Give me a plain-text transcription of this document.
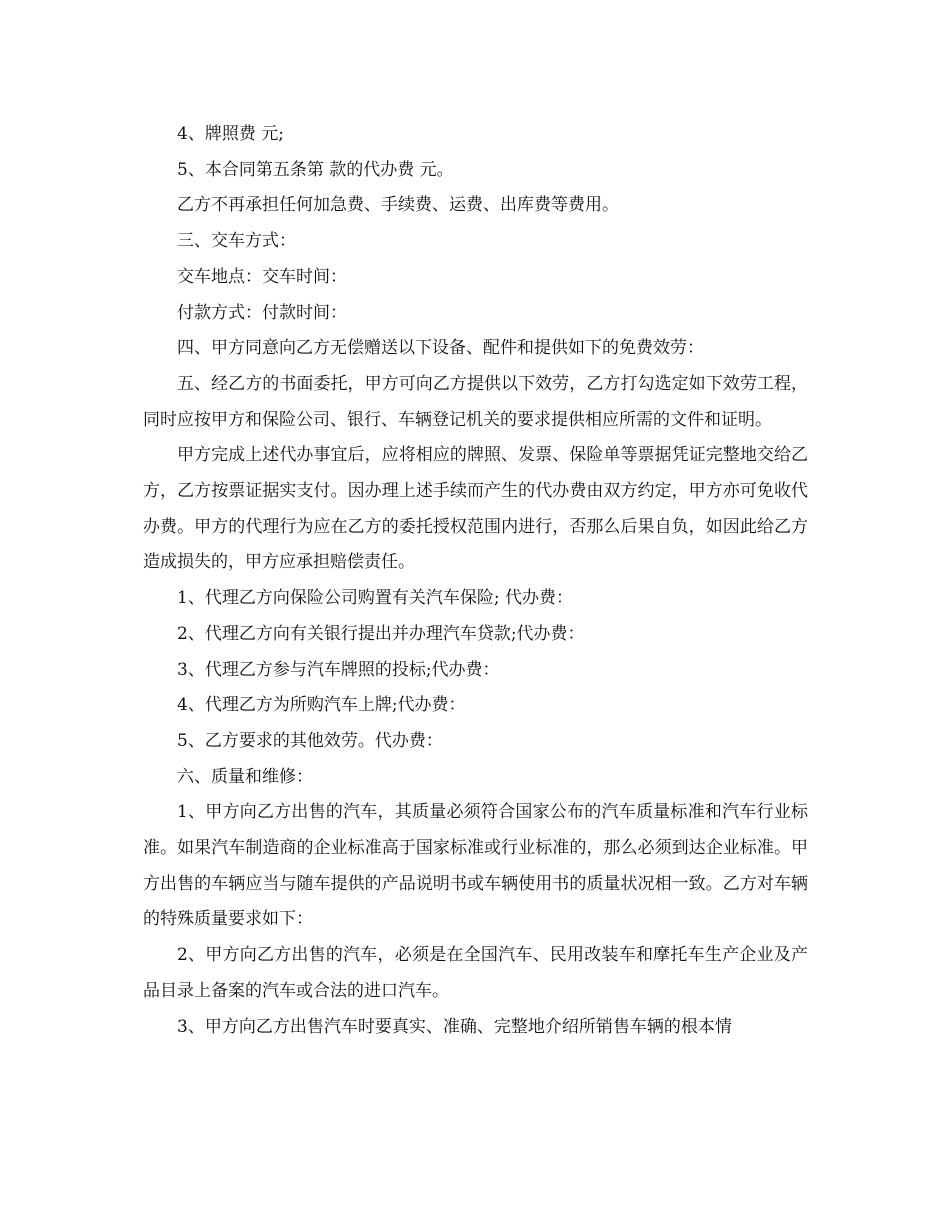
4、牌照费 元;

5、本合同第五条第 款的代办费 元。

乙方不再承担任何加急费、手续费、运费、出库费等费用。

三、交车方式：

交车地点：交车时间：

付款方式：付款时间：

四、甲方同意向乙方无偿赠送以下设备、配件和提供如下的免费效劳：

五、经乙方的书面委托，甲方可向乙方提供以下效劳，乙方打勾选定如下效劳工程，同时应按甲方和保险公司、银行、车辆登记机关的要求提供相应所需的文件和证明。

甲方完成上述代办事宜后，应将相应的牌照、发票、保险单等票据凭证完整地交给乙方，乙方按票证据实支付。因办理上述手续而产生的代办费由双方约定，甲方亦可免收代办费。甲方的代理行为应在乙方的委托授权范围内进行，否那么后果自负，如因此给乙方造成损失的，甲方应承担赔偿责任。

1、代理乙方向保险公司购置有关汽车保险; 代办费：

2、代理乙方向有关银行提出并办理汽车贷款;代办费：

3、代理乙方参与汽车牌照的投标;代办费：

4、代理乙方为所购汽车上牌;代办费：

5、乙方要求的其他效劳。代办费：

六、质量和维修：

1、甲方向乙方出售的汽车，其质量必须符合国家公布的汽车质量标准和汽车行业标准。如果汽车制造商的企业标准高于国家标准或行业标准的，那么必须到达企业标准。甲方出售的车辆应当与随车提供的产品说明书或车辆使用书的质量状况相一致。乙方对车辆的特殊质量要求如下：

2、甲方向乙方出售的汽车，必须是在全国汽车、民用改装车和摩托车生产企业及产品目录上备案的汽车或合法的进口汽车。

3、甲方向乙方出售汽车时要真实、准确、完整地介绍所销售车辆的根本情
